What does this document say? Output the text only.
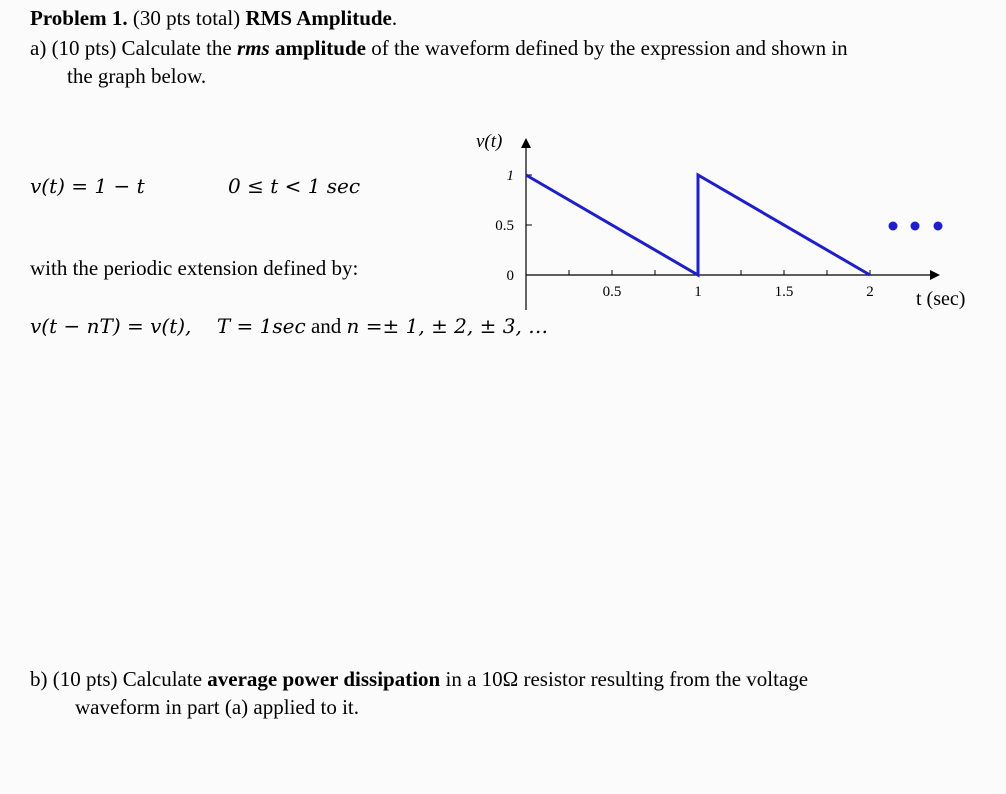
Problem 1. (30 pts total) RMS Amplitude.
a) (10 pts) Calculate the rms amplitude of the waveform defined by the expression and shown in
the graph below.
v(t) = 1 − t	0 ≤ t < 1 sec
with the periodic extension defined by:
v(t − nT) = v(t), T = 1sec and n =± 1, ± 2, ± 3, …
v(t)
t (sec)
0
0.5
1
0.5	1	1.5	2
b) (10 pts) Calculate average power dissipation in a 10Ω resistor resulting from the voltage
waveform in part (a) applied to it.
